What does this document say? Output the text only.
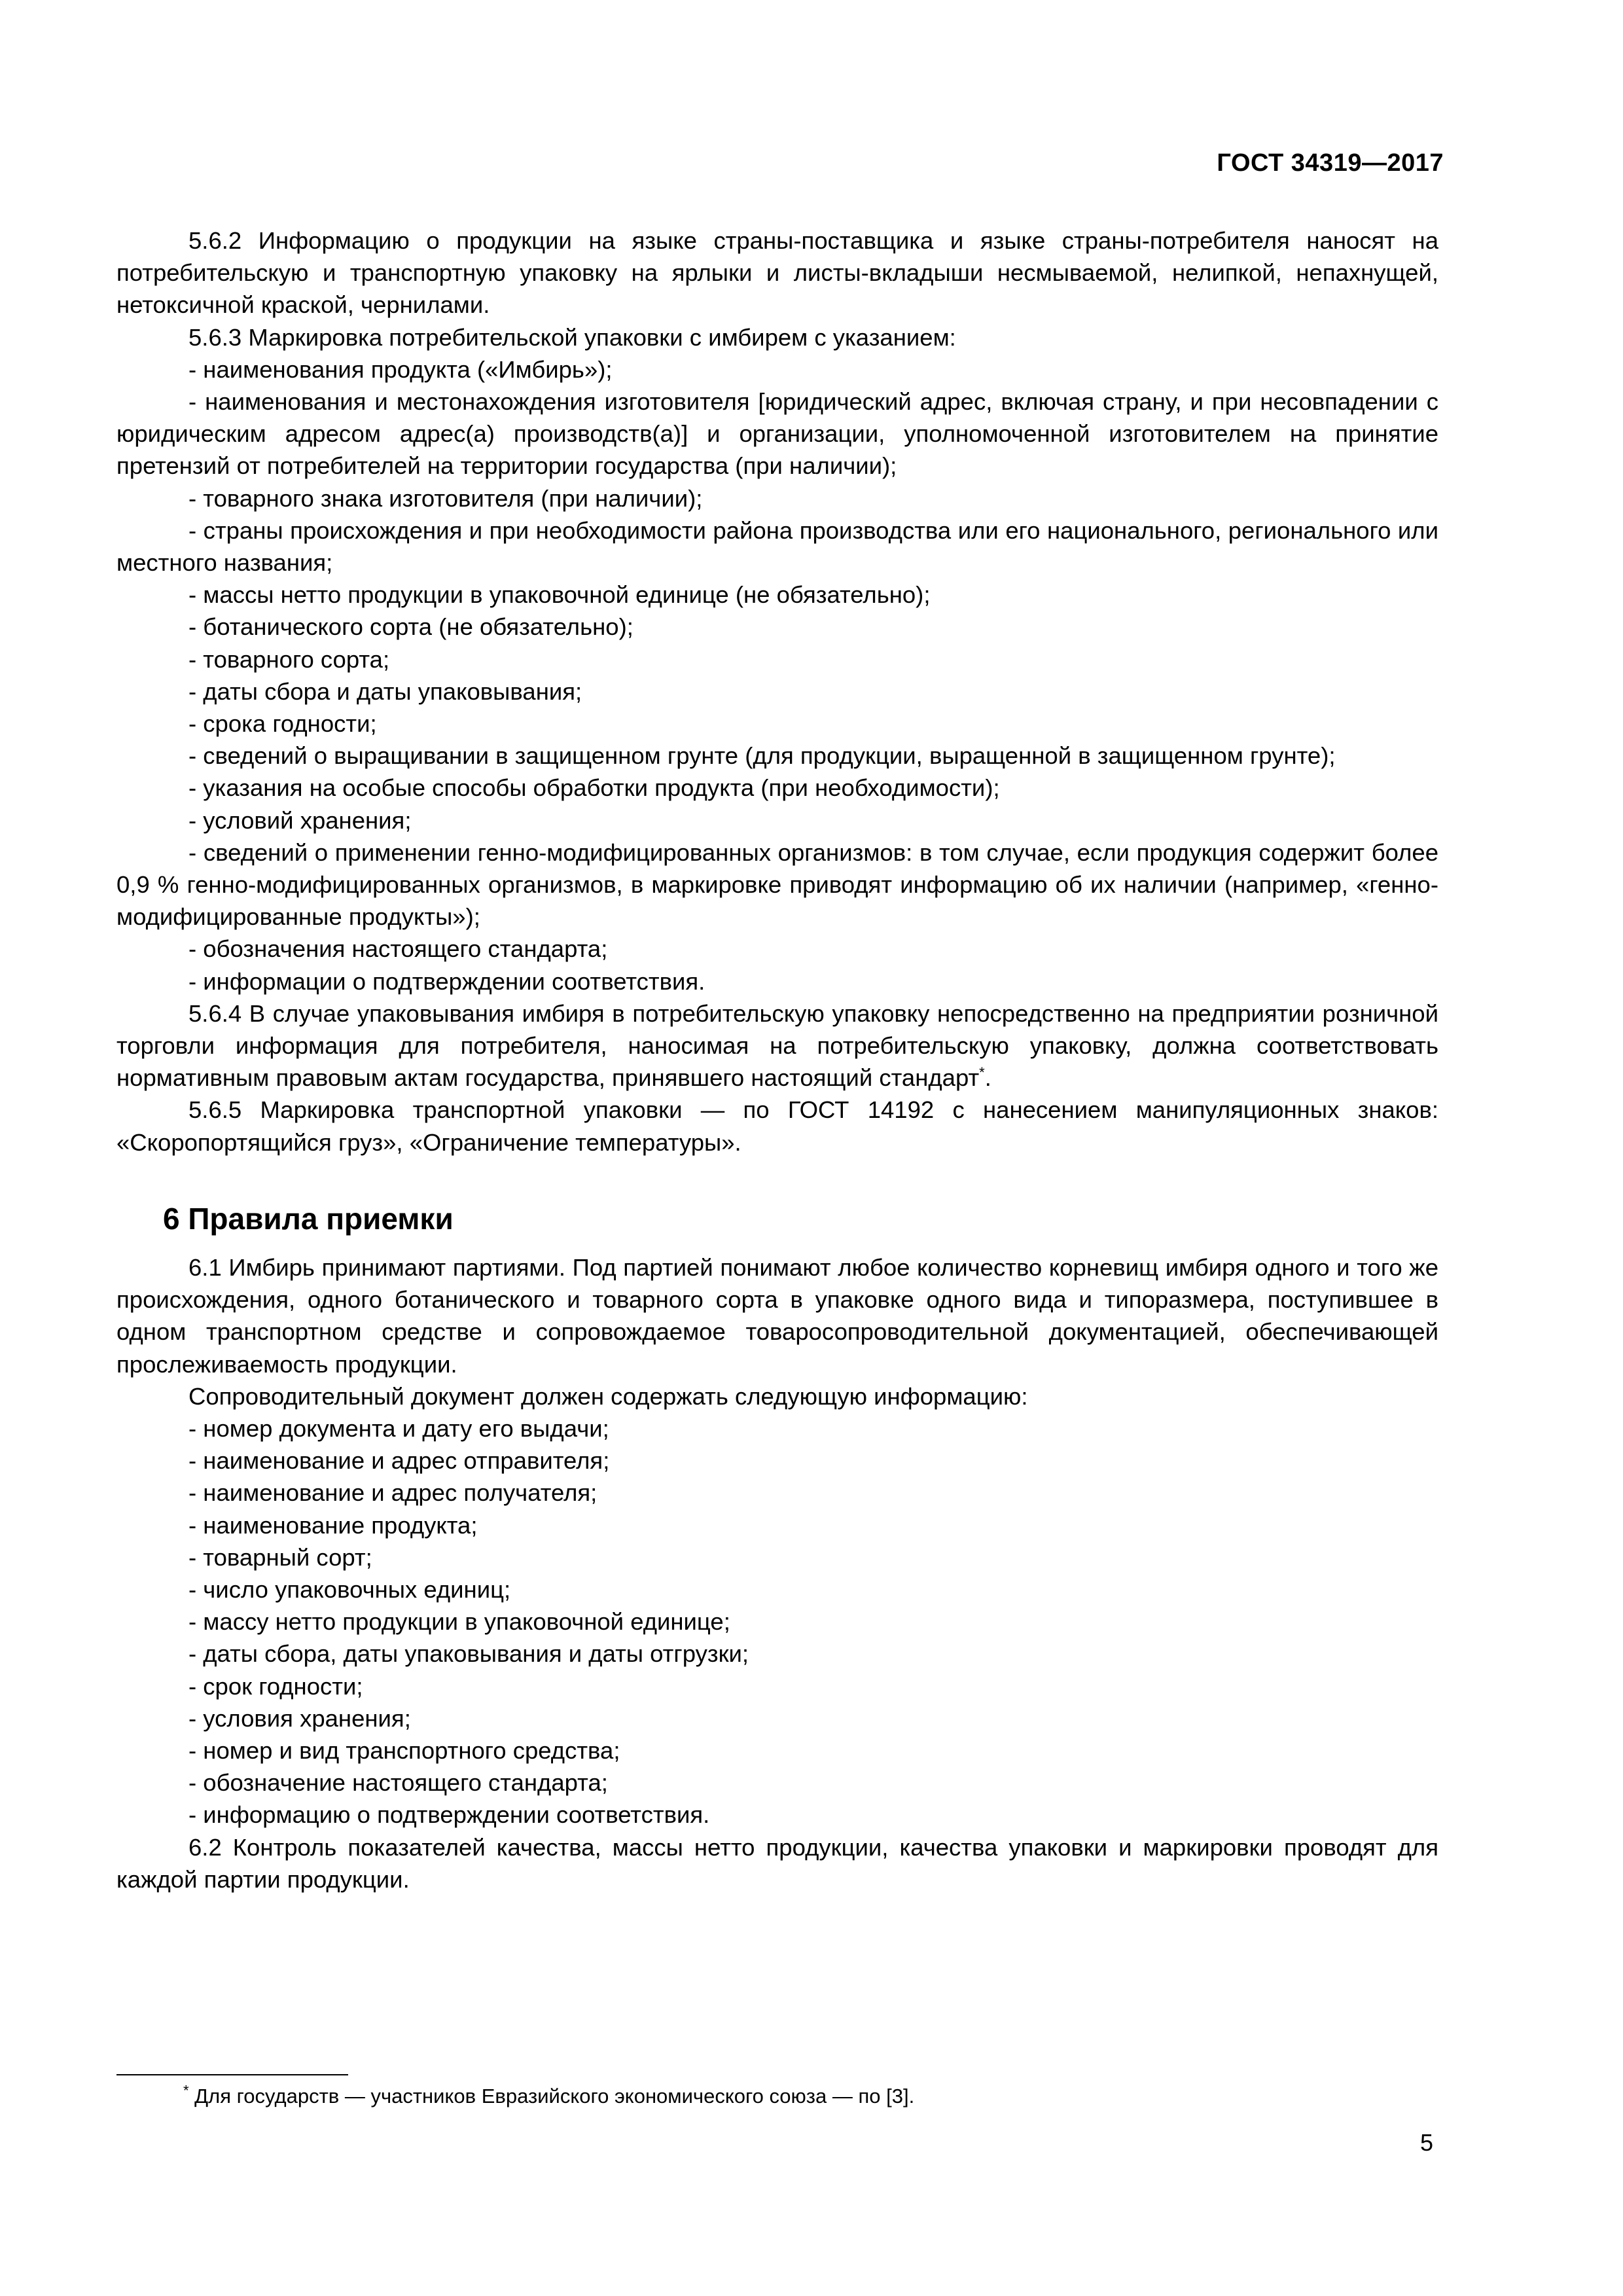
ГОСТ 34319—2017

5.6.2 Информацию о продукции на языке страны-поставщика и языке страны-потребителя наносят на потребительскую и транспортную упаковку на ярлыки и листы-вкладыши несмываемой, нелипкой, непахнущей, нетоксичной краской, чернилами.

5.6.3 Маркировка потребительской упаковки с имбирем с указанием:

- наименования продукта («Имбирь»);

- наименования и местонахождения изготовителя [юридический адрес, включая страну, и при несовпадении с юридическим адресом адрес(а) производств(а)] и организации, уполномоченной изготовителем на принятие претензий от потребителей на территории государства (при наличии);

- товарного знака изготовителя (при наличии);

- страны происхождения и при необходимости района производства или его национального, регионального или местного названия;

- массы нетто продукции в упаковочной единице (не обязательно);

- ботанического сорта (не обязательно);

- товарного сорта;

- даты сбора и даты упаковывания;

- срока годности;

- сведений о выращивании в защищенном грунте (для продукции, выращенной в защищенном грунте);

- указания на особые способы обработки продукта (при необходимости);

- условий хранения;

- сведений о применении генно-модифицированных организмов: в том случае, если продукция содержит более 0,9 % генно-модифицированных организмов, в маркировке приводят информацию об их наличии (например, «генно-модифицированные продукты»);

- обозначения настоящего стандарта;

- информации о подтверждении соответствия.

5.6.4 В случае упаковывания имбиря в потребительскую упаковку непосредственно на предприятии розничной торговли информация для потребителя, наносимая на потребительскую упаковку, должна соответствовать нормативным правовым актам государства, принявшего настоящий стандарт*.

5.6.5 Маркировка транспортной упаковки — по ГОСТ 14192 с нанесением манипуляционных знаков: «Скоропортящийся груз», «Ограничение температуры».

6 Правила приемки

6.1 Имбирь принимают партиями. Под партией понимают любое количество корневищ имбиря одного и того же происхождения, одного ботанического и товарного сорта в упаковке одного вида и типоразмера, поступившее в одном транспортном средстве и сопровождаемое товаросопроводительной документацией, обеспечивающей прослеживаемость продукции.

Сопроводительный документ должен содержать следующую информацию:

- номер документа и дату его выдачи;

- наименование и адрес отправителя;

- наименование и адрес получателя;

- наименование продукта;

- товарный сорт;

- число упаковочных единиц;

- массу нетто продукции в упаковочной единице;

- даты сбора, даты упаковывания и даты отгрузки;

- срок годности;

- условия хранения;

- номер и вид транспортного средства;

- обозначение настоящего стандарта;

- информацию о подтверждении соответствия.

6.2 Контроль показателей качества, массы нетто продукции, качества упаковки и маркировки проводят для каждой партии продукции.

* Для государств — участников Евразийского экономического союза — по [3].
5
